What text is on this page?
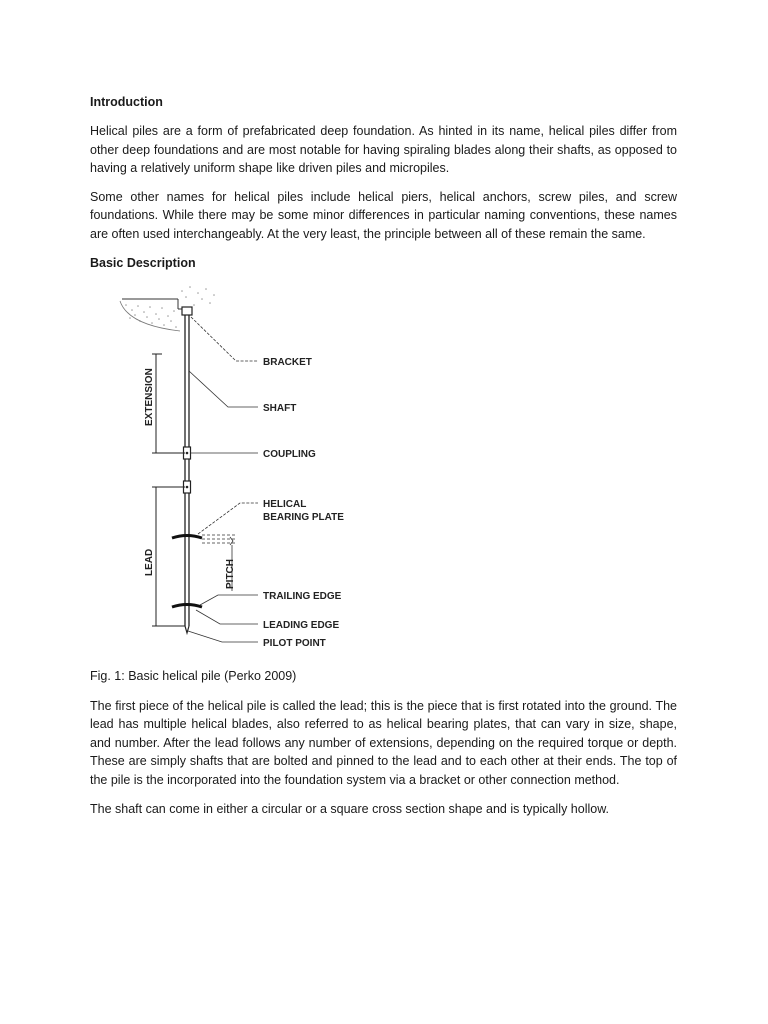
Introduction

Helical piles are a form of prefabricated deep foundation. As hinted in its name, helical piles differ from other deep foundations and are most notable for having spiraling blades along their shafts, as opposed to having a relatively uniform shape like driven piles and micropiles.

Some other names for helical piles include helical piers, helical anchors, screw piles, and screw foundations. While there may be some minor differences in particular naming conventions, these names are often used interchangeably. At the very least, the principle between all of these remain the same.

Basic Description
BRACKET
SHAFT
COUPLING
HELICAL
BEARING PLATE
TRAILING EDGE
LEADING EDGE
PILOT POINT
EXTENSION
LEAD	PITCH
Fig. 1: Basic helical pile (Perko 2009)

The first piece of the helical pile is called the lead; this is the piece that is first rotated into the ground. The lead has multiple helical blades, also referred to as helical bearing plates, that can vary in size, shape, and number. After the lead follows any number of extensions, depending on the required torque or depth. These are simply shafts that are bolted and pinned to the lead and to each other at their ends. The top of the pile is the incorporated into the foundation system via a bracket or other connection method.

The shaft can come in either a circular or a square cross section shape and is typically hollow.
